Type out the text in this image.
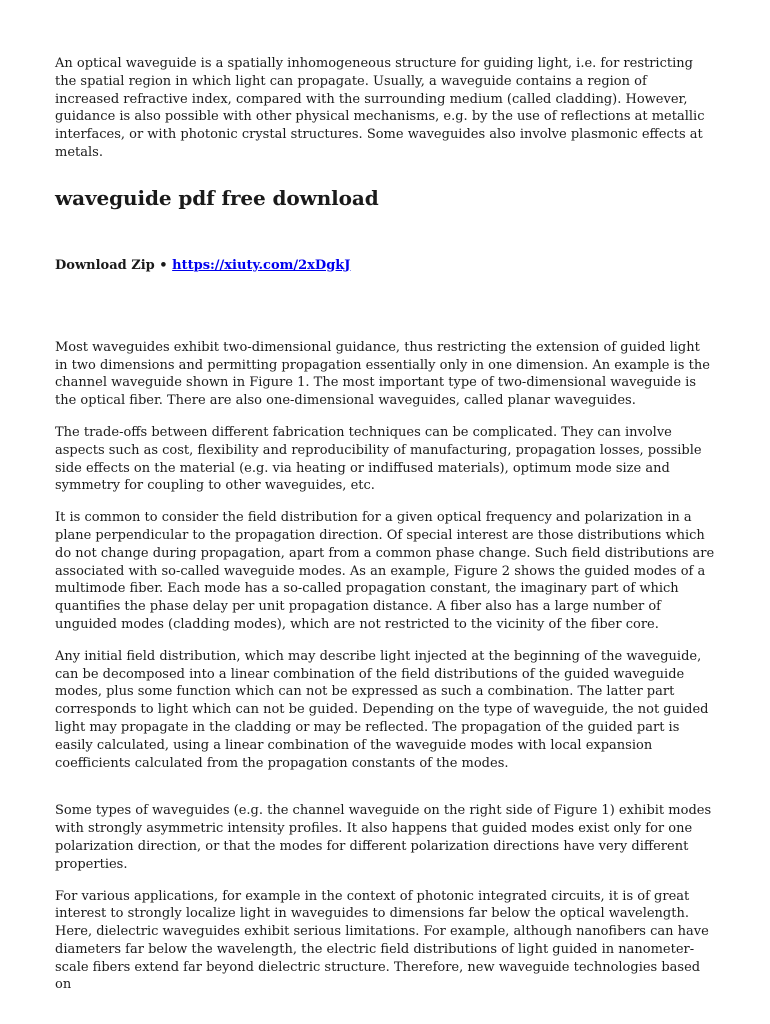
An optical waveguide is a spatially inhomogeneous structure for guiding light, i.e. for restricting the spatial region in which light can propagate. Usually, a waveguide contains a region of increased refractive index, compared with the surrounding medium (called cladding). However, guidance is also possible with other physical mechanisms, e.g. by the use of reflections at metallic interfaces, or with photonic crystal structures. Some waveguides also involve plasmonic effects at metals.

waveguide pdf free download
Download Zip • https://xiuty.com/2xDgkJ

Most waveguides exhibit two-dimensional guidance, thus restricting the extension of guided light in two dimensions and permitting propagation essentially only in one dimension. An example is the channel waveguide shown in Figure 1. The most important type of two-dimensional waveguide is the optical fiber. There are also one-dimensional waveguides, called planar waveguides.

The trade-offs between different fabrication techniques can be complicated. They can involve aspects such as cost, flexibility and reproducibility of manufacturing, propagation losses, possible side effects on the material (e.g. via heating or indiffused materials), optimum mode size and symmetry for coupling to other waveguides, etc.

It is common to consider the field distribution for a given optical frequency and polarization in a plane perpendicular to the propagation direction. Of special interest are those distributions which do not change during propagation, apart from a common phase change. Such field distributions are associated with so-called waveguide modes. As an example, Figure 2 shows the guided modes of a multimode fiber. Each mode has a so-called propagation constant, the imaginary part of which quantifies the phase delay per unit propagation distance. A fiber also has a large number of unguided modes (cladding modes), which are not restricted to the vicinity of the fiber core.

Any initial field distribution, which may describe light injected at the beginning of the waveguide, can be decomposed into a linear combination of the field distributions of the guided waveguide modes, plus some function which can not be expressed as such a combination. The latter part corresponds to light which can not be guided. Depending on the type of waveguide, the not guided light may propagate in the cladding or may be reflected. The propagation of the guided part is easily calculated, using a linear combination of the waveguide modes with local expansion coefficients calculated from the propagation constants of the modes.

Some types of waveguides (e.g. the channel waveguide on the right side of Figure 1) exhibit modes with strongly asymmetric intensity profiles. It also happens that guided modes exist only for one polarization direction, or that the modes for different polarization directions have very different properties.

For various applications, for example in the context of photonic integrated circuits, it is of great interest to strongly localize light in waveguides to dimensions far below the optical wavelength. Here, dielectric waveguides exhibit serious limitations. For example, although nanofibers can have diameters far below the wavelength, the electric field distributions of light guided in nanometer-scale fibers extend far beyond dielectric structure. Therefore, new waveguide technologies based on
